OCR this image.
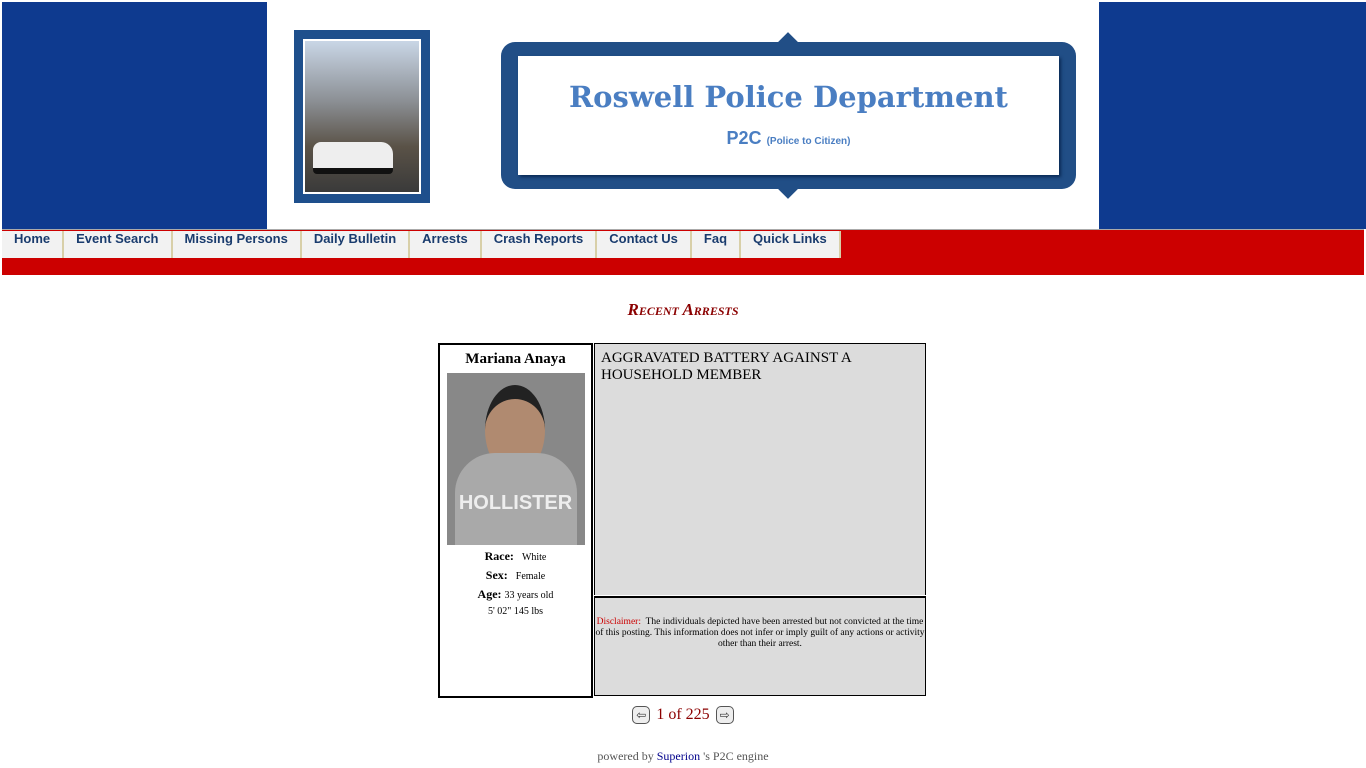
Roswell Police Department
P2C (Police to Citizen)
Home	Event Search	Missing Persons	Daily Bulletin	Arrests	Crash Reports	Contact Us	Faq	Quick Links
Recent Arrests
Mariana Anaya
HOLLISTER
Race: White
Sex: Female
Age: 33 years old
5' 02" 145 lbs
AGGRAVATED BATTERY AGAINST A HOUSEHOLD MEMBER
Disclaimer: The individuals depicted have been arrested but not convicted at the time of this posting. This information does not infer or imply guilt of any actions or activity other than their arrest.
⇦ 1 of 225 ⇨
powered by Superion 's P2C engine
